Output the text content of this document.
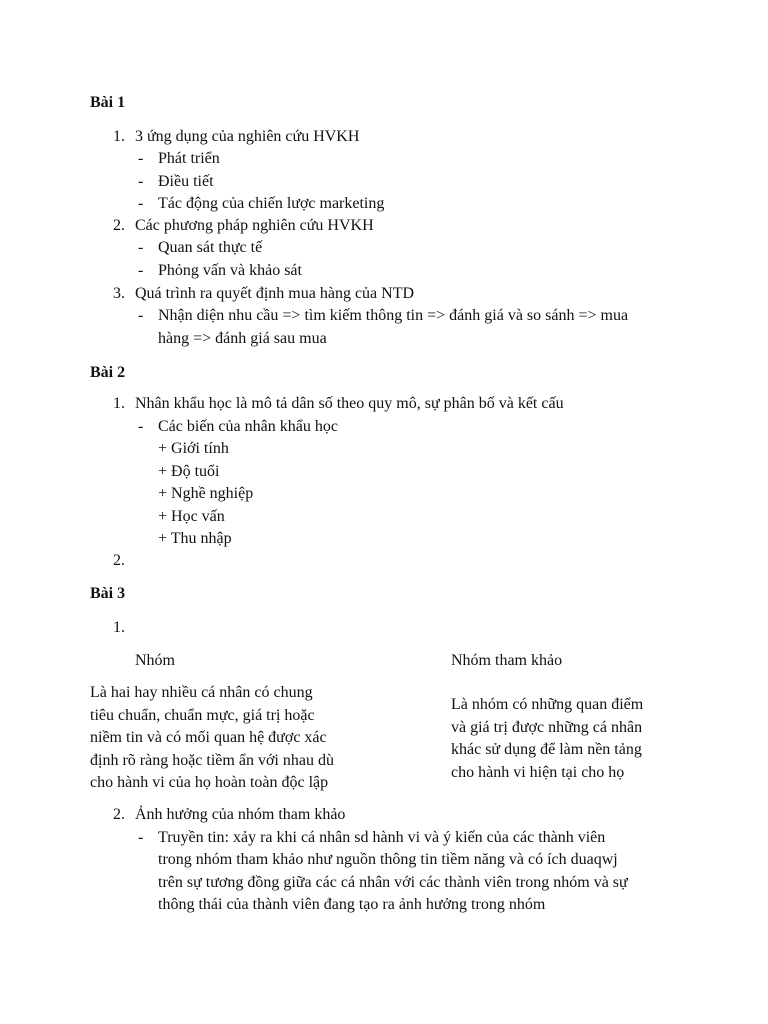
Bài 1
1. 3 ứng dụng của nghiên cứu HVKH
- Phát triển
- Điều tiết
- Tác động của chiến lược marketing
2. Các phương pháp nghiên cứu HVKH
- Quan sát thực tế
- Phỏng vấn và khảo sát
3. Quá trình ra quyết định mua hàng của NTD
- Nhận diện nhu cầu => tìm kiếm thông tin => đánh giá và so sánh => mua
hàng => đánh giá sau mua
Bài 2
1. Nhân khẩu học là mô tả dân số theo quy mô, sự phân bố và kết cấu
- Các biến của nhân khẩu học
+ Giới tính
+ Độ tuổi
+ Nghề nghiệp
+ Học vấn
+ Thu nhập
2.
Bài 3
1.
Nhóm	Nhóm tham khảo
Là hai hay nhiều cá nhân có chung
tiêu chuẩn, chuẩn mực, giá trị hoặc
niềm tin và có mối quan hệ được xác
định rõ ràng hoặc tiềm ẩn với nhau dù
cho hành vi của họ hoàn toàn độc lập
Là nhóm có những quan điểm
và giá trị được những cá nhân
khác sử dụng để làm nền tảng
cho hành vi hiện tại cho họ
2. Ảnh hưởng của nhóm tham khảo
- Truyền tin: xảy ra khi cá nhân sd hành vi và ý kiến của các thành viên
trong nhóm tham khảo như nguồn thông tin tiềm năng và có ích duaqwj
trên sự tương đồng giữa các cá nhân với các thành viên trong nhóm và sự
thông thái của thành viên đang tạo ra ảnh hưởng trong nhóm
